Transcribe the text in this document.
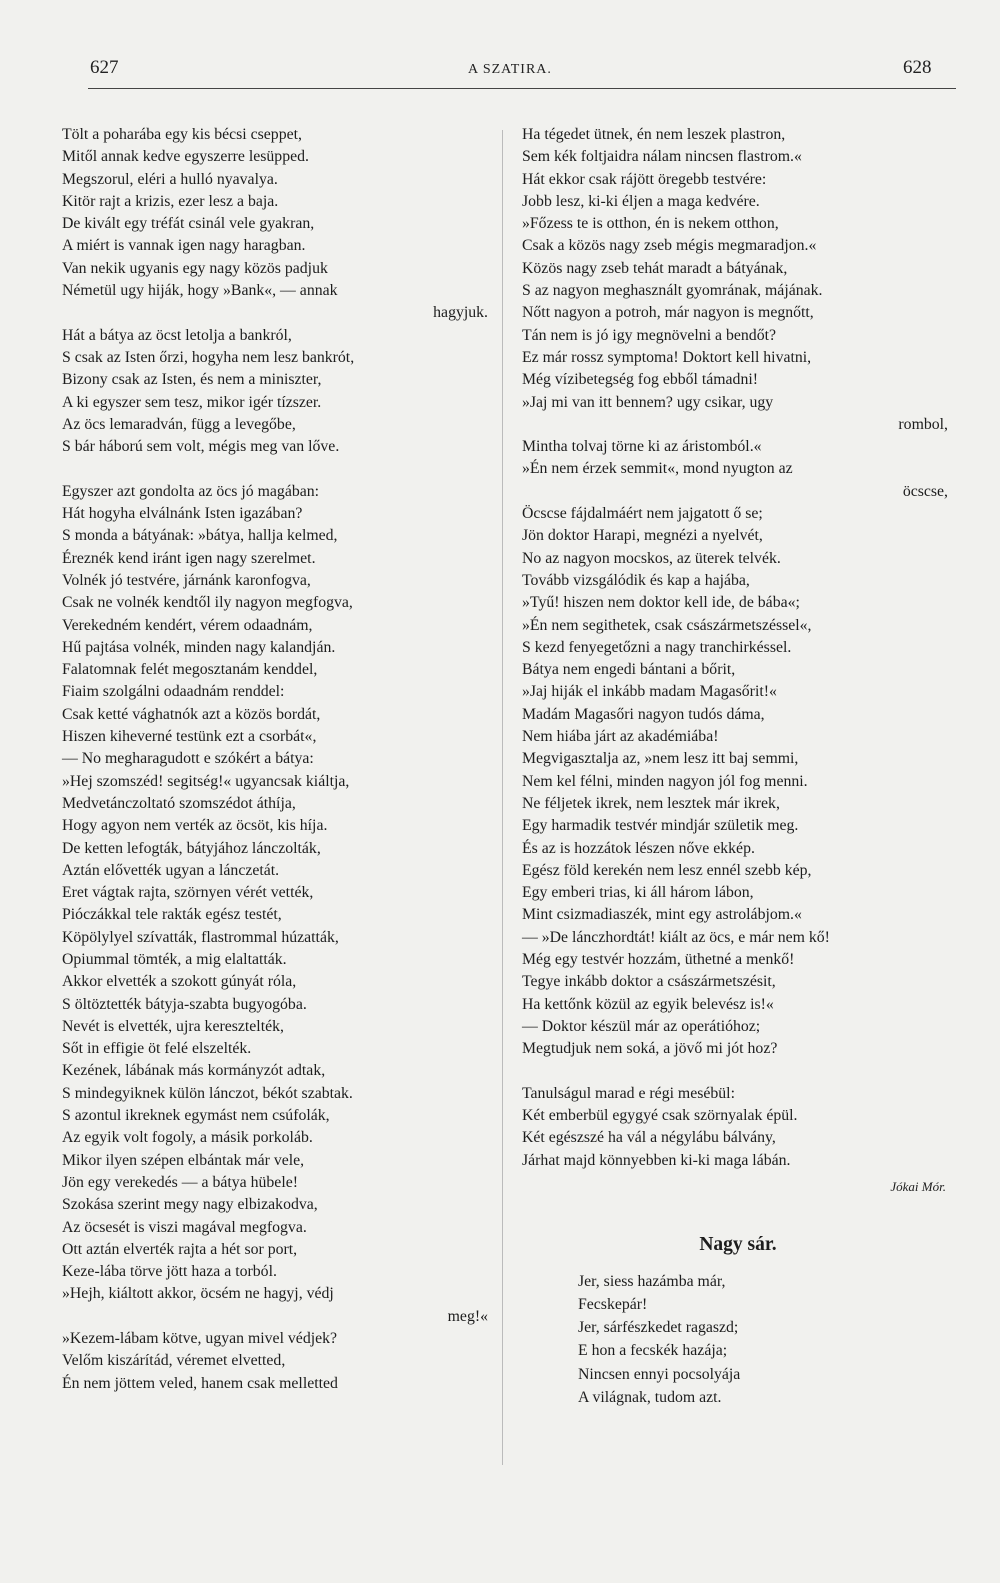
627	A SZATIRA.	628
Tölt a poharába egy kis bécsi cseppet,
Mitől annak kedve egyszerre lesüpped.
Megszorul, eléri a hulló nyavalya.
Kitör rajt a krizis, ezer lesz a baja.
De kivált egy tréfát csinál vele gyakran,
A miért is vannak igen nagy haragban.
Van nekik ugyanis egy nagy közös padjuk
Németül ugy hiják, hogy »Bank«, — annak
hagyjuk.
Hát a bátya az öcst letolja a bankról,
S csak az Isten őrzi, hogyha nem lesz bankrót,
Bizony csak az Isten, és nem a miniszter,
A ki egyszer sem tesz, mikor igér tízszer.
Az öcs lemaradván, függ a levegőbe,
S bár háború sem volt, mégis meg van lőve.
Egyszer azt gondolta az öcs jó magában:
Hát hogyha elválnánk Isten igazában?
S monda a bátyának: »bátya, hallja kelmed,
Éreznék kend iránt igen nagy szerelmet.
Volnék jó testvére, járnánk karonfogva,
Csak ne volnék kendtől ily nagyon megfogva,
Verekedném kendért, vérem odaadnám,
Hű pajtása volnék, minden nagy kalandján.
Falatomnak felét megosztanám kenddel,
Fiaim szolgálni odaadnám renddel:
Csak ketté vághatnók azt a közös bordát,
Hiszen kiheverné testünk ezt a csorbát«,
— No megharagudott e szókért a bátya:
»Hej szomszéd! segitség!« ugyancsak kiáltja,
Medvetánczoltató szomszédot áthíja,
Hogy agyon nem verték az öcsöt, kis híja.
De ketten lefogták, bátyjához lánczolták,
Aztán elővették ugyan a lánczetát.
Eret vágtak rajta, szörnyen vérét vették,
Pióczákkal tele rakták egész testét,
Köpölylyel szívatták, flastrommal húzatták,
Opiummal tömték, a mig elaltatták.
Akkor elvették a szokott gúnyát róla,
S öltöztették bátyja-szabta bugyogóba.
Nevét is elvették, ujra keresztelték,
Sőt in effigie öt felé elszelték.
Kezének, lábának más kormányzót adtak,
S mindegyiknek külön lánczot, békót szabtak.
S azontul ikreknek egymást nem csúfolák,
Az egyik volt fogoly, a másik porkoláb.
Mikor ilyen szépen elbántak már vele,
Jön egy verekedés — a bátya hübele!
Szokása szerint megy nagy elbizakodva,
Az öcsesét is viszi magával megfogva.
Ott aztán elverték rajta a hét sor port,
Keze-lába törve jött haza a torból.
»Hejh, kiáltott akkor, öcsém ne hagyj, védj
meg!«
»Kezem-lábam kötve, ugyan mivel védjek?
Velőm kiszárítád, véremet elvetted,
Én nem jöttem veled, hanem csak melletted
Ha tégedet ütnek, én nem leszek plastron,
Sem kék foltjaidra nálam nincsen flastrom.«
Hát ekkor csak rájött öregebb testvére:
Jobb lesz, ki-ki éljen a maga kedvére.
»Főzess te is otthon, én is nekem otthon,
Csak a közös nagy zseb mégis megmaradjon.«
Közös nagy zseb tehát maradt a bátyának,
S az nagyon meghasznált gyomrának, májának.
Nőtt nagyon a potroh, már nagyon is megnőtt,
Tán nem is jó igy megnövelni a bendőt?
Ez már rossz symptoma! Doktort kell hivatni,
Még vízibetegség fog ebből támadni!
»Jaj mi van itt bennem? ugy csikar, ugy
rombol,
Mintha tolvaj törne ki az áristomból.«
»Én nem érzek semmit«, mond nyugton az
öcscse,
Öcscse fájdalmáért nem jajgatott ő se;
Jön doktor Harapi, megnézi a nyelvét,
No az nagyon mocskos, az üterek telvék.
Tovább vizsgálódik és kap a hajába,
»Tyű! hiszen nem doktor kell ide, de bába«;
»Én nem segithetek, csak császármetszéssel«,
S kezd fenyegetőzni a nagy tranchirkéssel.
Bátya nem engedi bántani a bőrit,
»Jaj hiják el inkább madam Magasőrit!«
Madám Magasőri nagyon tudós dáma,
Nem hiába járt az akadémiába!
Megvigasztalja az, »nem lesz itt baj semmi,
Nem kel félni, minden nagyon jól fog menni.
Ne féljetek ikrek, nem lesztek már ikrek,
Egy harmadik testvér mindjár születik meg.
És az is hozzátok lészen nőve ekkép.
Egész föld kerekén nem lesz ennél szebb kép,
Egy emberi trias, ki áll három lábon,
Mint csizmadiaszék, mint egy astrolábjom.«
— »De lánczhordtát! kiált az öcs, e már nem kő!
Még egy testvér hozzám, üthetné a menkő!
Tegye inkább doktor a császármetszésit,
Ha kettőnk közül az egyik belevész is!«
— Doktor készül már az operátióhoz;
Megtudjuk nem soká, a jövő mi jót hoz?
Tanulságul marad e régi mesébül:
Két emberbül egygyé csak szörnyalak épül.
Két egészszé ha vál a négylábu bálvány,
Járhat majd könnyebben ki-ki maga lábán.
Jókai Mór.
Nagy sár.
Jer, siess hazámba már,
Fecskepár!
Jer, sárfészkedet ragaszd;
E hon a fecskék hazája;
Nincsen ennyi pocsolyája
A világnak, tudom azt.
